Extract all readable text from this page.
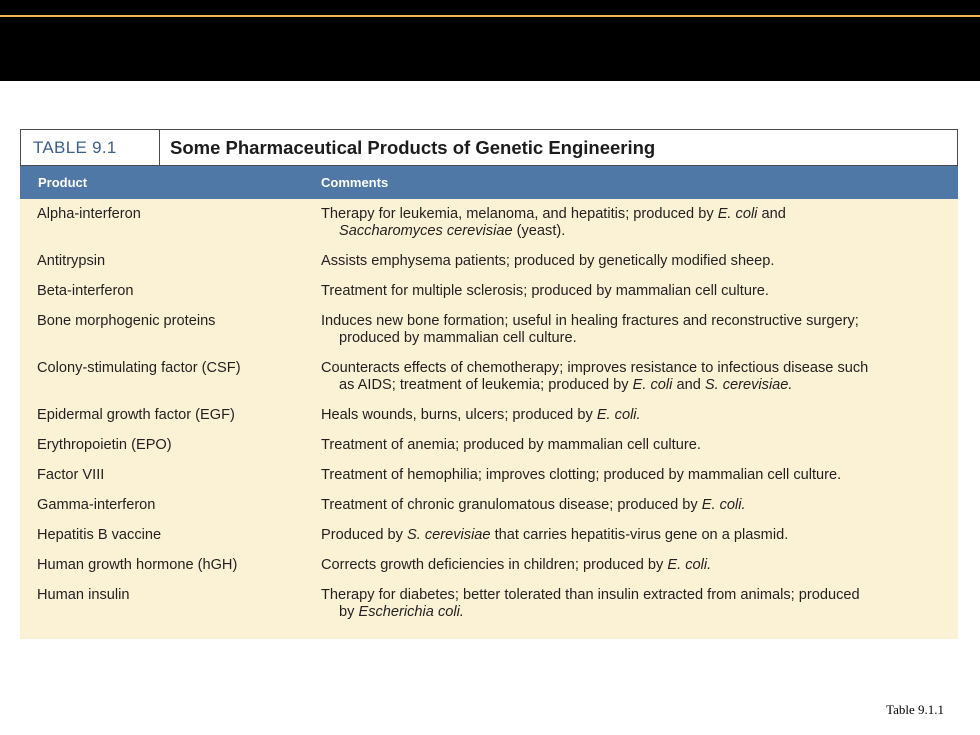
TABLE 9.1	Some Pharmaceutical Products of Genetic Engineering
Product	Comments
Alpha-interferon	Therapy for leukemia, melanoma, and hepatitis; produced by E. coli and
Saccharomyces cerevisiae (yeast).
Antitrypsin	Assists emphysema patients; produced by genetically modified sheep.
Beta-interferon	Treatment for multiple sclerosis; produced by mammalian cell culture.
Bone morphogenic proteins	Induces new bone formation; useful in healing fractures and reconstructive surgery;
produced by mammalian cell culture.
Colony-stimulating factor (CSF)	Counteracts effects of chemotherapy; improves resistance to infectious disease such
as AIDS; treatment of leukemia; produced by E. coli and S. cerevisiae.
Epidermal growth factor (EGF)	Heals wounds, burns, ulcers; produced by E. coli.
Erythropoietin (EPO)	Treatment of anemia; produced by mammalian cell culture.
Factor VIII	Treatment of hemophilia; improves clotting; produced by mammalian cell culture.
Gamma-interferon	Treatment of chronic granulomatous disease; produced by E. coli.
Hepatitis B vaccine	Produced by S. cerevisiae that carries hepatitis-virus gene on a plasmid.
Human growth hormone (hGH)	Corrects growth deficiencies in children; produced by E. coli.
Human insulin	Therapy for diabetes; better tolerated than insulin extracted from animals; produced
by Escherichia coli.
Table 9.1.1
